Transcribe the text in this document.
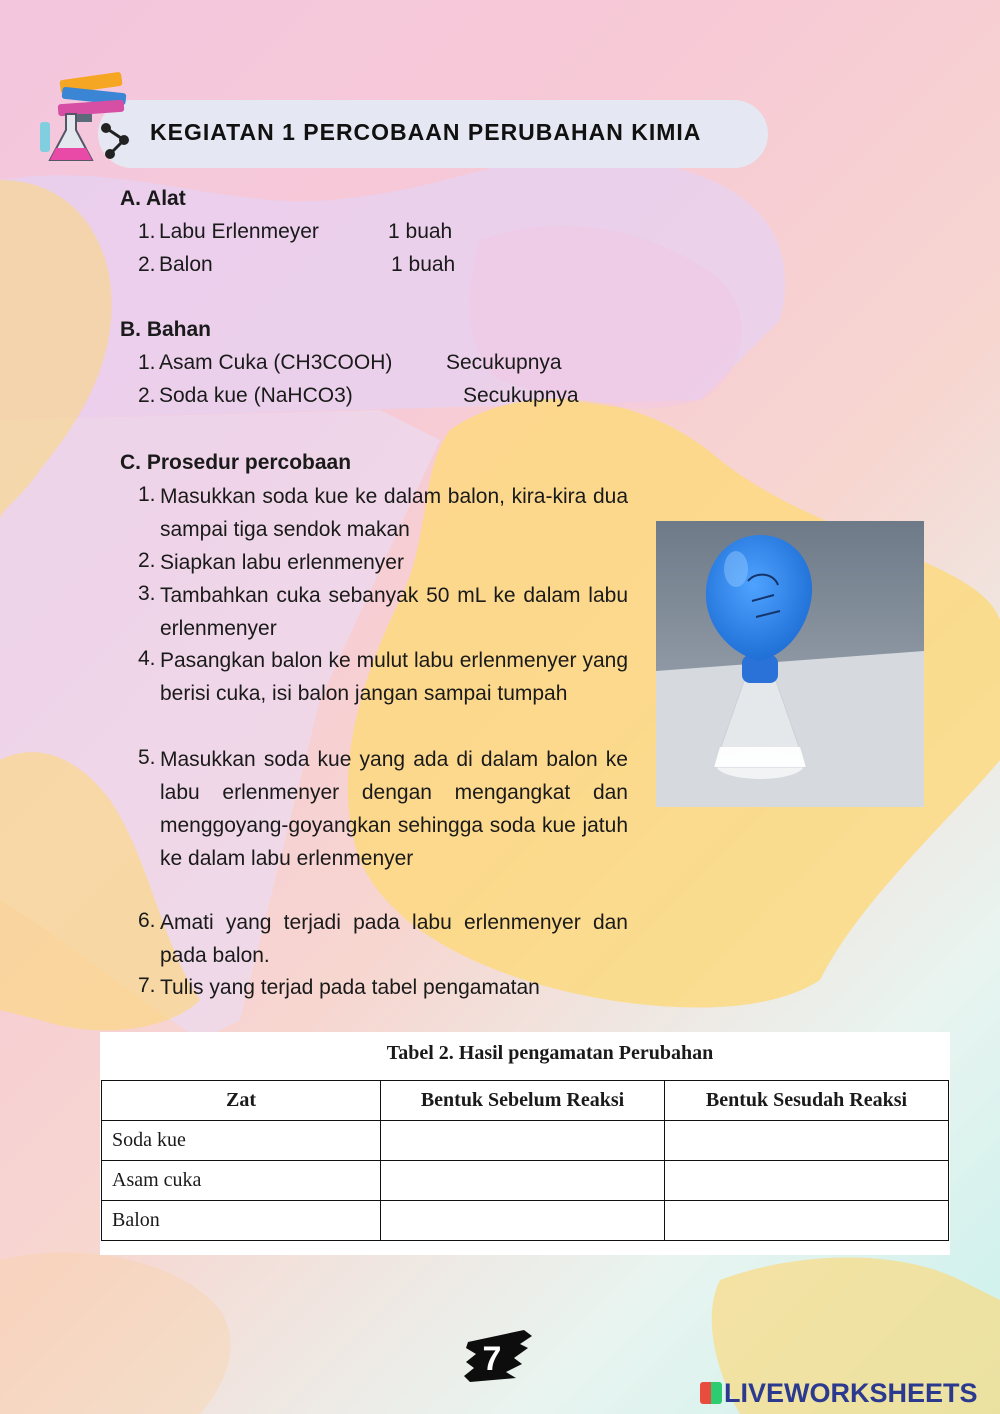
KEGIATAN 1 PERCOBAAN PERUBAHAN KIMIA
A. Alat
1. Labu Erlenmeyer	1 buah
2. Balon	1 buah
B. Bahan
1. Asam Cuka (CH3COOH)	Secukupnya
2. Soda kue (NaHCO3)	Secukupnya
C. Prosedur percobaan
1. Masukkan soda kue ke dalam balon, kira-kira dua sampai tiga sendok makan
2. Siapkan labu erlenmenyer
3. Tambahkan cuka sebanyak 50 mL ke dalam labu erlenmenyer
4. Pasangkan balon ke mulut labu erlenmenyer yang berisi cuka, isi balon jangan sampai tumpah
5. Masukkan soda kue yang ada di dalam balon ke labu erlenmenyer dengan mengangkat dan menggoyang-goyangkan sehingga soda kue jatuh ke dalam labu erlenmenyer
6. Amati yang terjadi pada labu erlenmenyer dan pada balon.
7. Tulis yang terjad pada tabel pengamatan
Tabel 2. Hasil pengamatan Perubahan
Zat	Bentuk Sebelum Reaksi	Bentuk Sesudah Reaksi
Soda kue		
Asam cuka		
Balon		
7
LIVEWORKSHEETS
